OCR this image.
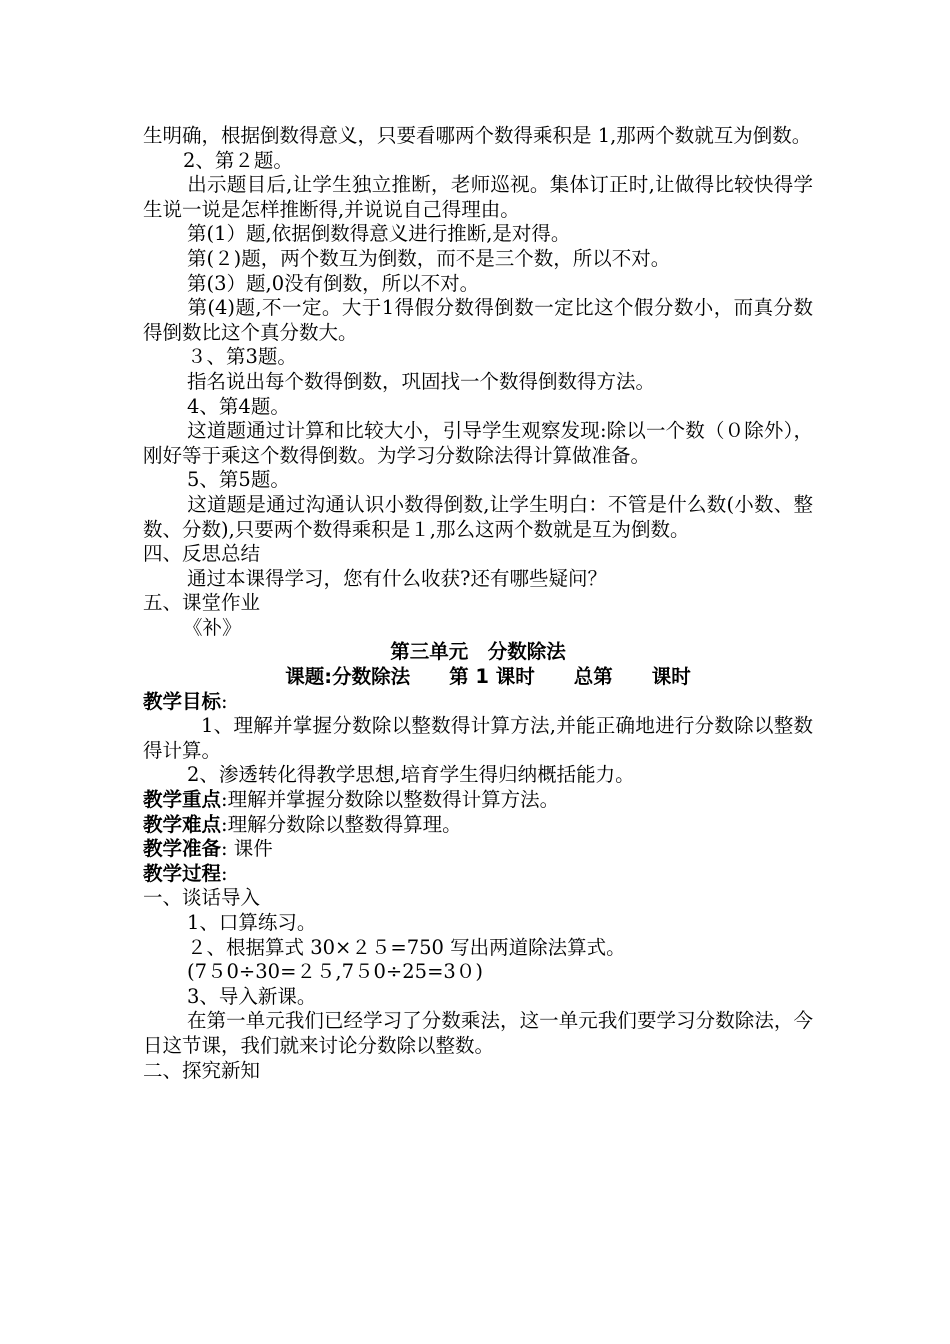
生明确，根据倒数得意义，只要看哪两个数得乘积是 1,那两个数就互为倒数。
2、第２题。
出示题目后,让学生独立推断，老师巡视。集体订正时,让做得比较快得学生说一说是怎样推断得,并说说自己得理由。
第(1）题,依据倒数得意义进行推断,是对得。
第(２)题，两个数互为倒数，而不是三个数，所以不对。
第(3）题,0没有倒数，所以不对。
第(4)题,不一定。大于1得假分数得倒数一定比这个假分数小，而真分数得倒数比这个真分数大。
３、第3题。
指名说出每个数得倒数，巩固找一个数得倒数得方法。
4、第4题。
这道题通过计算和比较大小，引导学生观察发现:除以一个数（０除外），刚好等于乘这个数得倒数。为学习分数除法得计算做准备。
5、第5题。
这道题是通过沟通认识小数得倒数,让学生明白：不管是什么数(小数、整数、分数),只要两个数得乘积是１,那么这两个数就是互为倒数。
四、反思总结
通过本课得学习，您有什么收获?还有哪些疑问？
五、课堂作业
《补》
第三单元　分数除法
课题:分数除法　　第 1 课时　　总第　　课时
教学目标:
1、理解并掌握分数除以整数得计算方法,并能正确地进行分数除以整数得计算。
2、渗透转化得教学思想,培育学生得归纳概括能力。
教学重点:理解并掌握分数除以整数得计算方法。
教学难点:理解分数除以整数得算理。
教学准备: 课件
教学过程:
一、谈话导入
1、口算练习。
２、根据算式 30×２５=750 写出两道除法算式。
(7５0÷30=２５,7５0÷25=3０)
3、导入新课。
在第一单元我们已经学习了分数乘法，这一单元我们要学习分数除法，今日这节课，我们就来讨论分数除以整数。
二、探究新知
